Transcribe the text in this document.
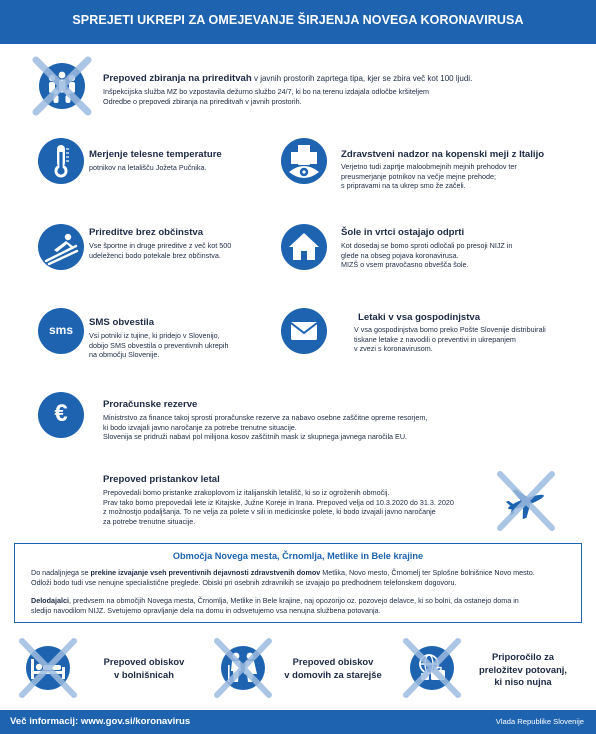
SPREJETI UKREPI ZA OMEJEVANJE ŠIRJENJA NOVEGA KORONAVIRUSA
Prepoved zbiranja na prireditvah v javnih prostorih zaprtega tipa, kjer se zbira več kot 100 ljudi.
Inšpekcijska služba MZ bo vzpostavila dežurno službo 24/7, ki bo na terenu izdajala odločbe kršiteljem
Odredbe o prepovedi zbiranja na prireditvah v javnih prostorih.
Merjenje telesne temperature
potnikov na letališču Jožeta Pučnika.
Zdravstveni nadzor na kopenski meji z Italijo
Verjetno tudi zaprtje maloobmejnih mejnih prehodov ter
preusmerjanje potnikov na večje mejne prehode;
s pripravami na ta ukrep smo že začeli.
Prireditve brez občinstva
Vse športne in druge prireditve z več kot 500
udeleženci bodo potekale brez občinstva.
Šole in vrtci ostajajo odprti
Kot dosedaj se bomo sproti odločali po presoji NIJZ in
glede na obseg pojava koronavirusa.
MIZŠ o vsem pravočasno obvešča šole.
sms
SMS obvestila
Vsi potniki iz tujine, ki pridejo v Slovenijo,
dobijo SMS obvestila o preventivnih ukrepih
na območju Slovenije.
Letaki v vsa gospodinjstva
V vsa gospodinjstva bomo preko Pošte Slovenije distribuirali
tiskane letake z navodili o preventivi in ukrepanjem
v zvezi s koronavirusom.
€	Proračunske rezerve
Ministrstvo za finance takoj sprosti proračunske rezerve za nabavo osebne zaščitne opreme resorjem,
ki bodo izvajali javno naročanje za potrebe trenutne situacije.
Slovenija se pridruži nabavi pol milijona kosov zaščitnih mask iz skupnega javnega naročila EU.
Prepoved pristankov letal
Prepovedali bomo pristanke zrakoplovom iz italijanskih letališč, ki so iz ogroženih območij.
Prav tako bomo prepovedali lete iz Kitajske, Južne Koreje in Irana. Prepoved velja od 10.3.2020 do 31.3. 2020
z možnostjo podaljšanja. To ne velja za polete v sili in medicinske polete, ki bodo izvajali javno naročanje
za potrebe trenutne situacije.
Območja Novega mesta, Črnomlja, Metlike in Bele krajine
Do nadaljnjega se prekine izvajanje vseh preventivnih dejavnosti zdravstvenih domov Metlika, Novo mesto, Črnomelj ter Splošne bolnišnice Novo mesto.
Odloži bodo tudi vse nenujne specialistične preglede. Obiski pri osebnih zdravnikih se izvajajo po predhodnem telefonskem dogovoru.
Delodajalci, predvsem na območjih Novega mesta, Črnomlja, Metlike in Bele krajine, naj opozorijo oz. pozovejo delavce, ki so bolni, da ostanejo doma in
sledijo navodilom NIJZ. Svetujemo opravljanje dela na domu in odsvetujemo vsa nenujna službena potovanja.
Prepoved obiskov
v bolnišnicah
Prepoved obiskov
v domovih za starejše
Priporočilo za
preložitev potovanj,
ki niso nujna
Več informacij: www.gov.si/koronavirus	Vlada Republike Slovenije
